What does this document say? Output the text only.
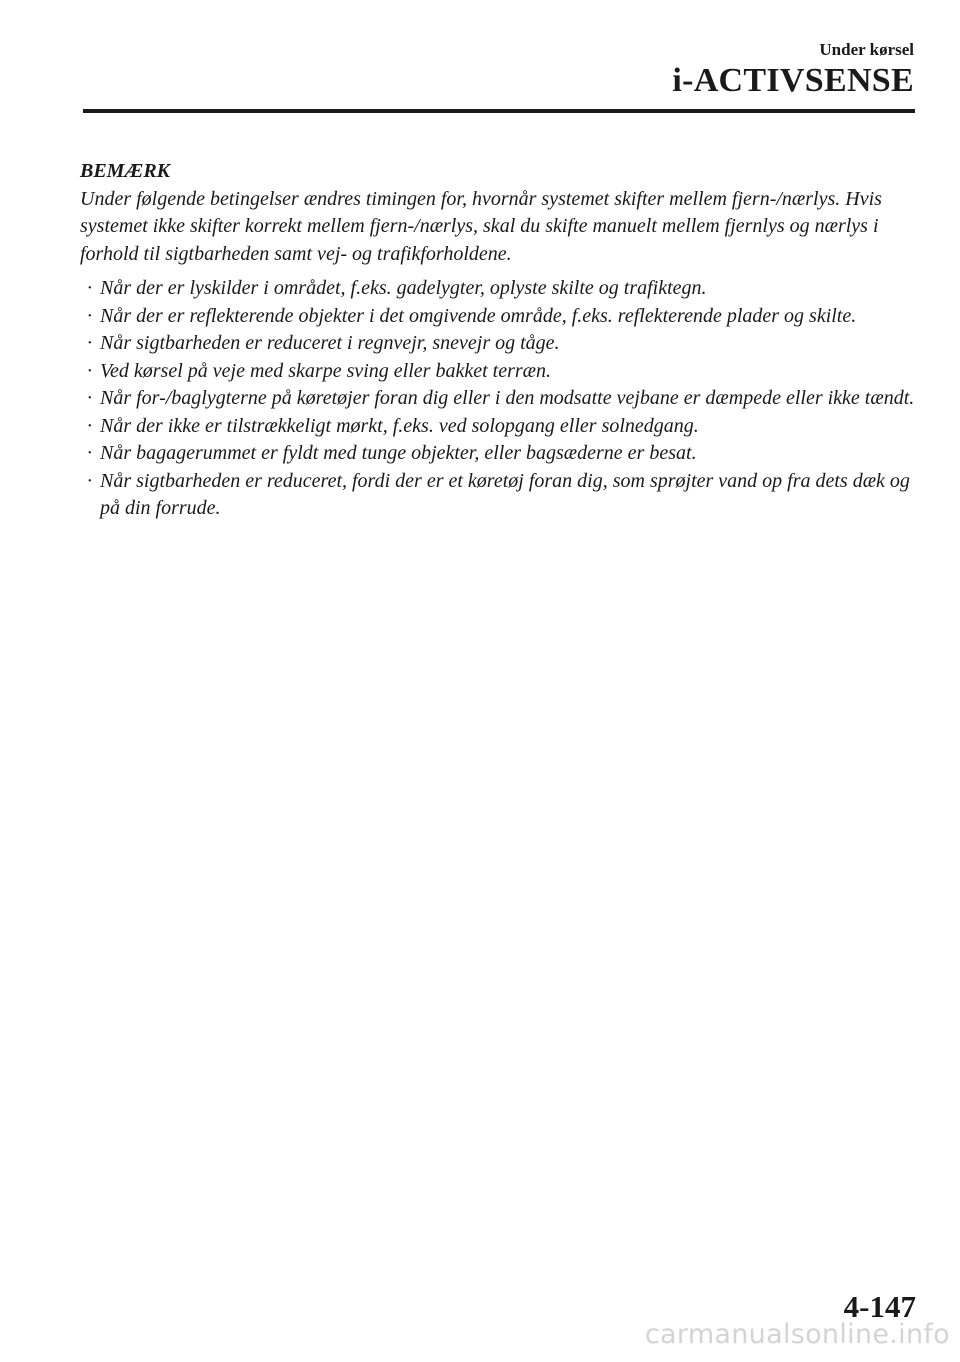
Under kørsel
i-ACTIVSENSE
BEMÆRK

Under følgende betingelser ændres timingen for, hvornår systemet skifter mellem fjern-/nærlys. Hvis systemet ikke skifter korrekt mellem fjern-/nærlys, skal du skifte manuelt mellem fjernlys og nærlys i forhold til sigtbarheden samt vej- og trafikforholdene.

· Når der er lyskilder i området, f.eks. gadelygter, oplyste skilte og trafiktegn.
· Når der er reflekterende objekter i det omgivende område, f.eks. reflekterende plader og skilte.
· Når sigtbarheden er reduceret i regnvejr, snevejr og tåge.
· Ved kørsel på veje med skarpe sving eller bakket terræn.
· Når for-/baglygterne på køretøjer foran dig eller i den modsatte vejbane er dæmpede eller ikke tændt.
· Når der ikke er tilstrækkeligt mørkt, f.eks. ved solopgang eller solnedgang.
· Når bagagerummet er fyldt med tunge objekter, eller bagsæderne er besat.
· Når sigtbarheden er reduceret, fordi der er et køretøj foran dig, som sprøjter vand op fra dets dæk og på din forrude.
4-147
carmanualsonline.info
